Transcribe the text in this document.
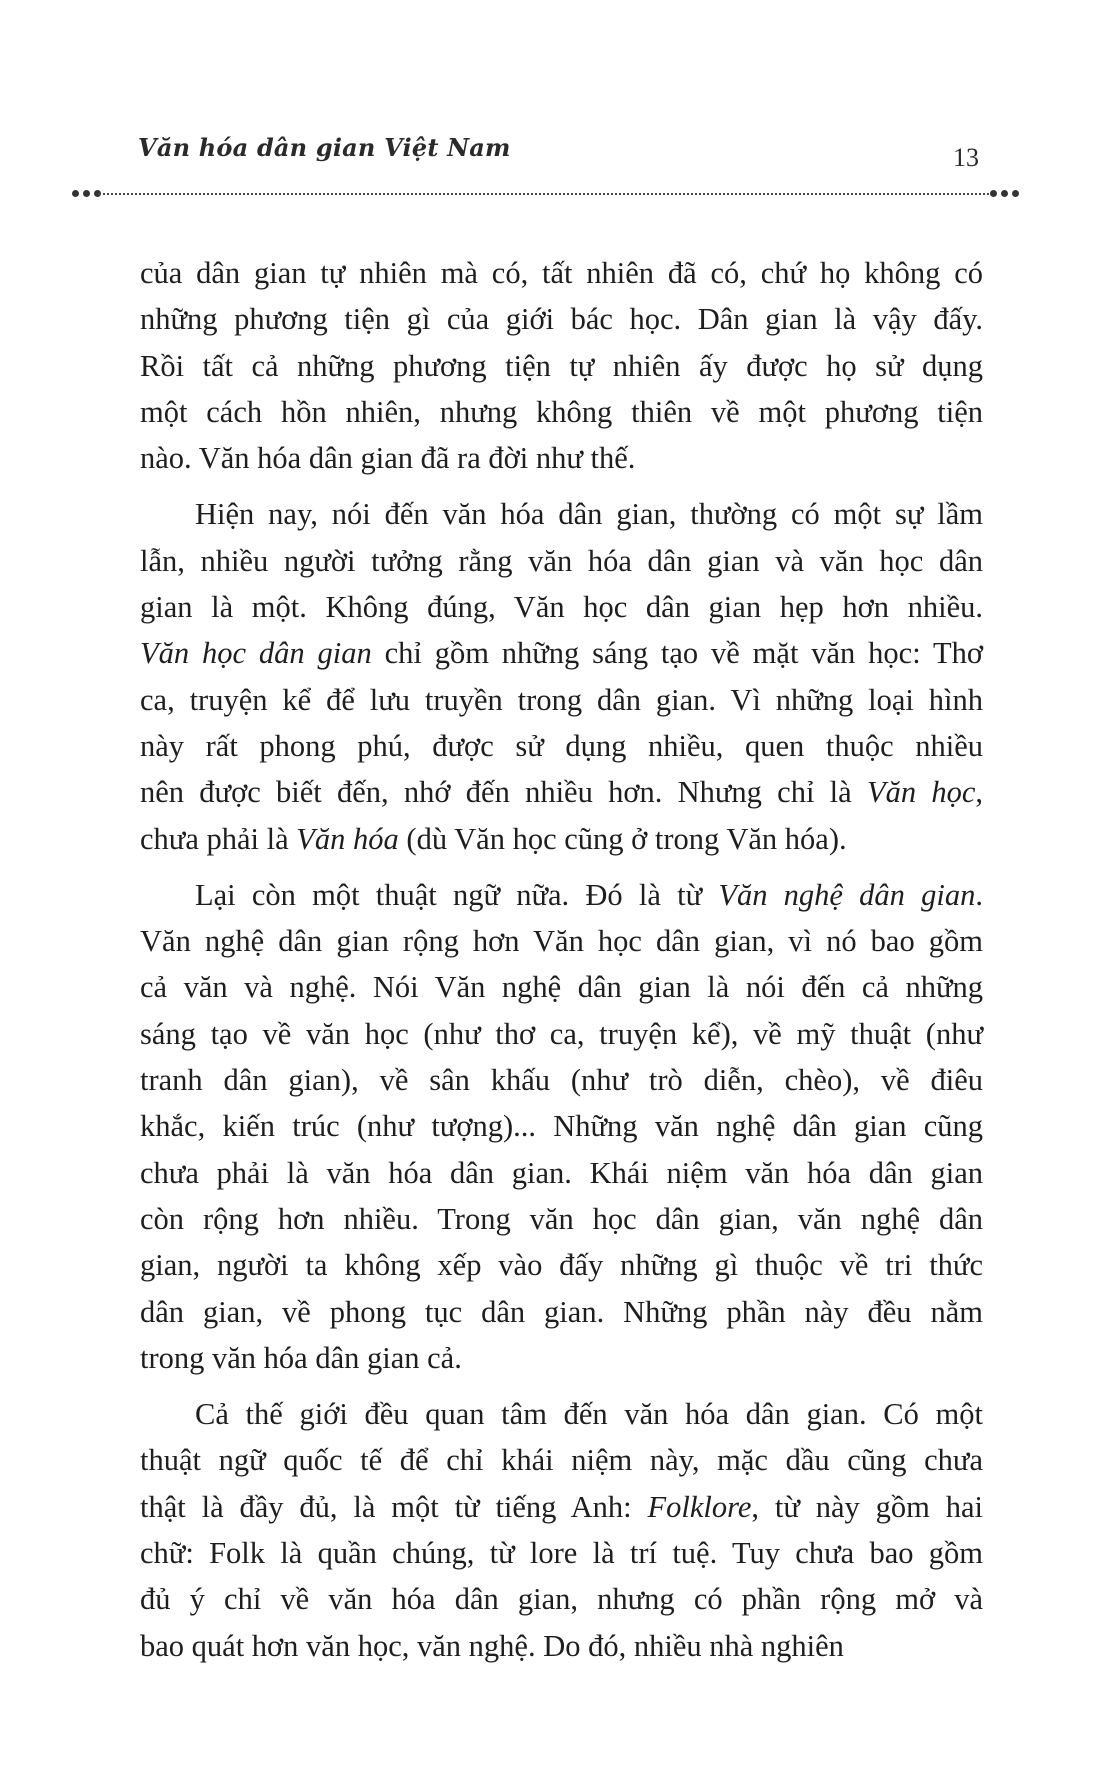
Văn hóa dân gian Việt Nam	13

của dân gian tự nhiên mà có, tất nhiên đã có, chứ họ không có
những phương tiện gì của giới bác học. Dân gian là vậy đấy.
Rồi tất cả những phương tiện tự nhiên ấy được họ sử dụng
một cách hồn nhiên, nhưng không thiên về một phương tiện
nào. Văn hóa dân gian đã ra đời như thế.

Hiện nay, nói đến văn hóa dân gian, thường có một sự lầm
lẫn, nhiều người tưởng rằng văn hóa dân gian và văn học dân
gian là một. Không đúng, Văn học dân gian hẹp hơn nhiều.
Văn học dân gian chỉ gồm những sáng tạo về mặt văn học: Thơ
ca, truyện kể để lưu truyền trong dân gian. Vì những loại hình
này rất phong phú, được sử dụng nhiều, quen thuộc nhiều
nên được biết đến, nhớ đến nhiều hơn. Nhưng chỉ là Văn học,
chưa phải là Văn hóa (dù Văn học cũng ở trong Văn hóa).

Lại còn một thuật ngữ nữa. Đó là từ Văn nghệ dân gian.
Văn nghệ dân gian rộng hơn Văn học dân gian, vì nó bao gồm
cả văn và nghệ. Nói Văn nghệ dân gian là nói đến cả những
sáng tạo về văn học (như thơ ca, truyện kể), về mỹ thuật (như
tranh dân gian), về sân khấu (như trò diễn, chèo), về điêu
khắc, kiến trúc (như tượng)... Những văn nghệ dân gian cũng
chưa phải là văn hóa dân gian. Khái niệm văn hóa dân gian
còn rộng hơn nhiều. Trong văn học dân gian, văn nghệ dân
gian, người ta không xếp vào đấy những gì thuộc về tri thức
dân gian, về phong tục dân gian. Những phần này đều nằm
trong văn hóa dân gian cả.

Cả thế giới đều quan tâm đến văn hóa dân gian. Có một
thuật ngữ quốc tế để chỉ khái niệm này, mặc dầu cũng chưa
thật là đầy đủ, là một từ tiếng Anh: Folklore, từ này gồm hai
chữ: Folk là quần chúng, từ lore là trí tuệ. Tuy chưa bao gồm
đủ ý chỉ về văn hóa dân gian, nhưng có phần rộng mở và
bao quát hơn văn học, văn nghệ. Do đó, nhiều nhà nghiên
